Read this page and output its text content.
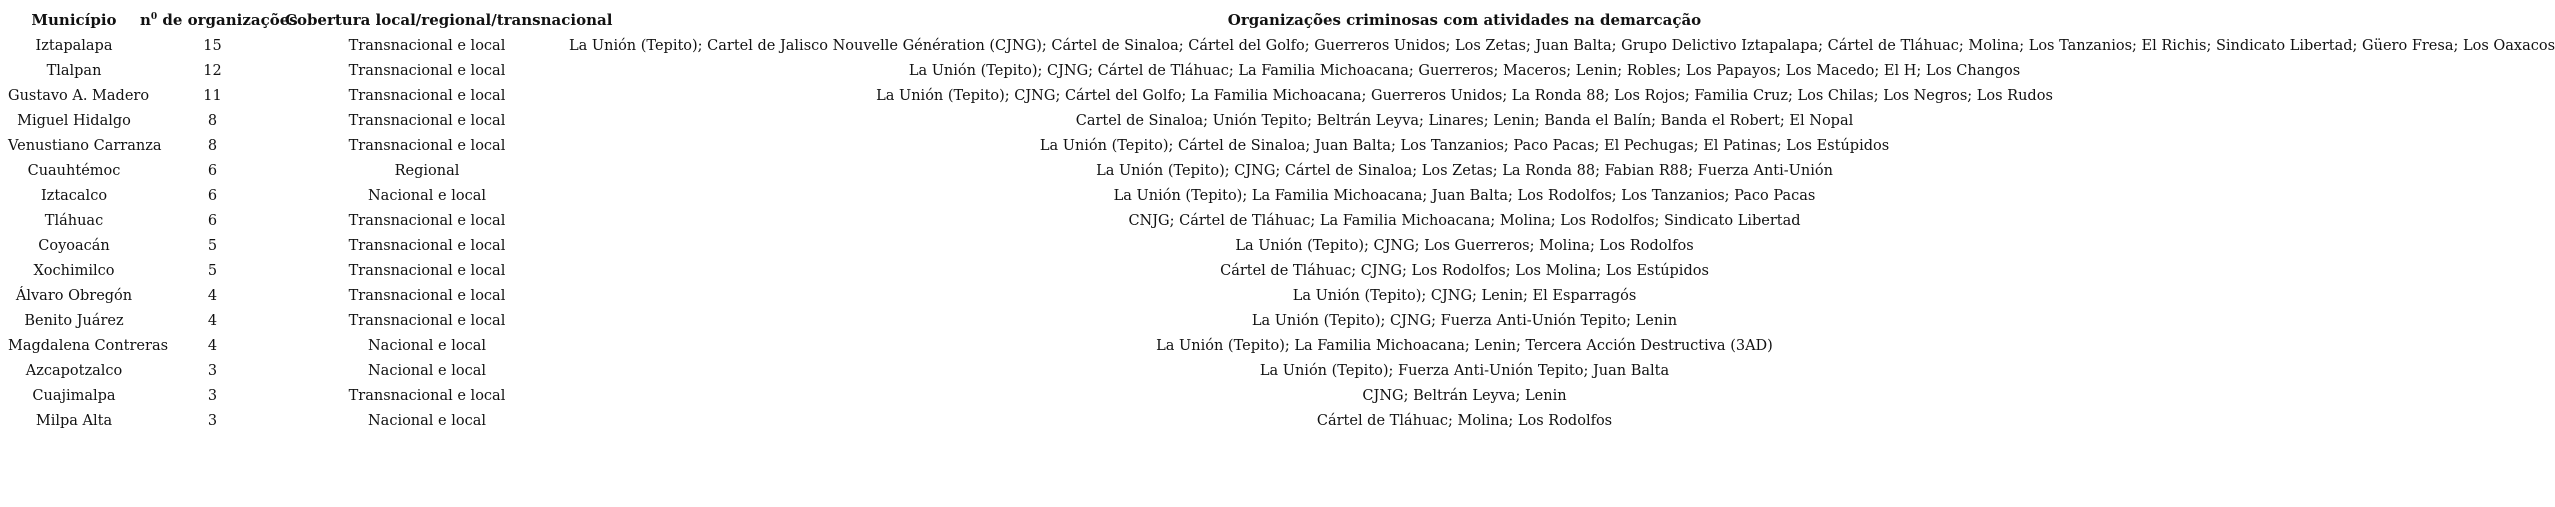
Município	$n^0$ de organizações	Cobertura local/regional/transnacional	Organizações criminosas com atividades na demarcação
Iztapalapa	15	Transnacional e local	La Unión (Tepito); Cartel de Jalisco Nouvelle Génération (CJNG); Cártel de Sinaloa; Cártel del Golfo; Guerreros Unidos; Los Zetas; Juan Balta; Grupo Delictivo Iztapalapa; Cártel de Tláhuac; Molina; Los Tanzanios; El Richis; Sindicato Libertad; Güero Fresa; Los Oaxacos
Tlalpan	12	Transnacional e local	La Unión (Tepito); CJNG; Cártel de Tláhuac; La Familia Michoacana; Guerreros; Maceros; Lenin; Robles; Los Papayos; Los Macedo; El H; Los Changos
Gustavo A. Madero	11	Transnacional e local	La Unión (Tepito); CJNG; Cártel del Golfo; La Familia Michoacana; Guerreros Unidos; La Ronda 88; Los Rojos; Familia Cruz; Los Chilas; Los Negros; Los Rudos
Miguel Hidalgo	8	Transnacional e local	Cartel de Sinaloa; Unión Tepito; Beltrán Leyva; Linares; Lenin; Banda el Balín; Banda el Robert; El Nopal
Venustiano Carranza	8	Transnacional e local	La Unión (Tepito); Cártel de Sinaloa; Juan Balta; Los Tanzanios; Paco Pacas; El Pechugas; El Patinas; Los Estúpidos
Cuauhtémoc	6	Regional	La Unión (Tepito); CJNG; Cártel de Sinaloa; Los Zetas; La Ronda 88; Fabian R88; Fuerza Anti-Unión
Iztacalco	6	Nacional e local	La Unión (Tepito); La Familia Michoacana; Juan Balta; Los Rodolfos; Los Tanzanios; Paco Pacas
Tláhuac	6	Transnacional e local	CNJG; Cártel de Tláhuac; La Familia Michoacana; Molina; Los Rodolfos; Sindicato Libertad
Coyoacán	5	Transnacional e local	La Unión (Tepito); CJNG; Los Guerreros; Molina; Los Rodolfos
Xochimilco	5	Transnacional e local	Cártel de Tláhuac; CJNG; Los Rodolfos; Los Molina; Los Estúpidos
Álvaro Obregón	4	Transnacional e local	La Unión (Tepito); CJNG; Lenin; El Esparragós
Benito Juárez	4	Transnacional e local	La Unión (Tepito); CJNG; Fuerza Anti-Unión Tepito; Lenin
Magdalena Contreras	4	Nacional e local	La Unión (Tepito); La Familia Michoacana; Lenin; Tercera Acción Destructiva (3AD)
Azcapotzalco	3	Nacional e local	La Unión (Tepito); Fuerza Anti-Unión Tepito; Juan Balta
Cuajimalpa	3	Transnacional e local	CJNG; Beltrán Leyva; Lenin
Milpa Alta	3	Nacional e local	Cártel de Tláhuac; Molina; Los Rodolfos
